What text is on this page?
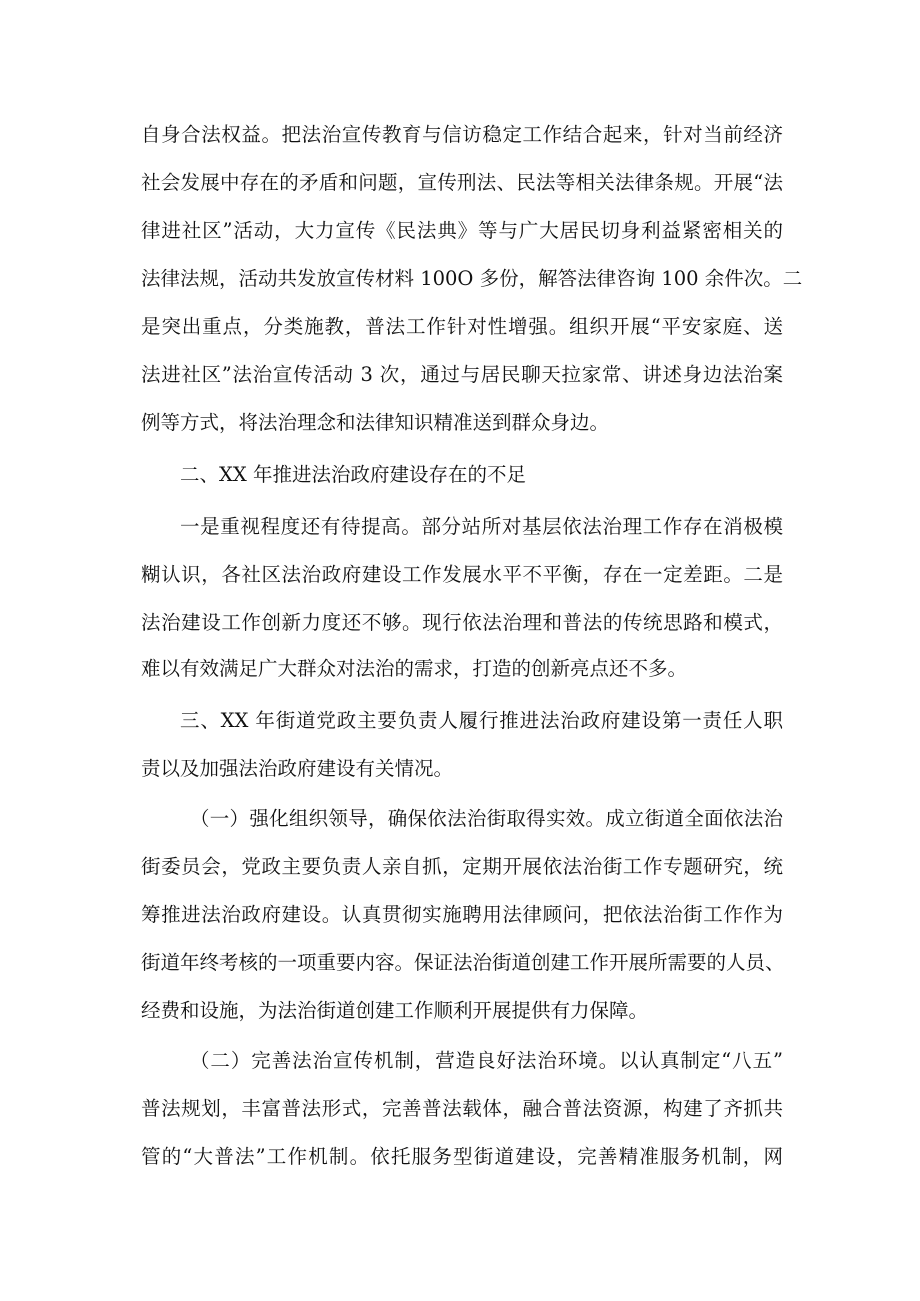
自身合法权益。把法治宣传教育与信访稳定工作结合起来，针对当前经济

社会发展中存在的矛盾和问题，宣传刑法、民法等相关法律条规。开展“法

律进社区”活动，大力宣传《民法典》等与广大居民切身利益紧密相关的

法律法规，活动共发放宣传材料 100O 多份，解答法律咨询 100 余件次。二

是突出重点，分类施教，普法工作针对性增强。组织开展“平安家庭、送

法进社区”法治宣传活动 3 次，通过与居民聊天拉家常、讲述身边法治案

例等方式，将法治理念和法律知识精准送到群众身边。

二、XX 年推进法治政府建设存在的不足

一是重视程度还有待提高。部分站所对基层依法治理工作存在消极模

糊认识，各社区法治政府建设工作发展水平不平衡，存在一定差距。二是

法治建设工作创新力度还不够。现行依法治理和普法的传统思路和模式，

难以有效满足广大群众对法治的需求，打造的创新亮点还不多。

三、XX 年街道党政主要负责人履行推进法治政府建设第一责任人职

责以及加强法治政府建设有关情况。

（一）强化组织领导，确保依法治街取得实效。成立街道全面依法治

街委员会，党政主要负责人亲自抓，定期开展依法治街工作专题研究，统

筹推进法治政府建设。认真贯彻实施聘用法律顾问，把依法治街工作作为

街道年终考核的一项重要内容。保证法治街道创建工作开展所需要的人员、

经费和设施，为法治街道创建工作顺利开展提供有力保障。

（二）完善法治宣传机制，营造良好法治环境。以认真制定“八五”

普法规划，丰富普法形式，完善普法载体，融合普法资源，构建了齐抓共

管的“大普法”工作机制。依托服务型街道建设，完善精准服务机制，网
